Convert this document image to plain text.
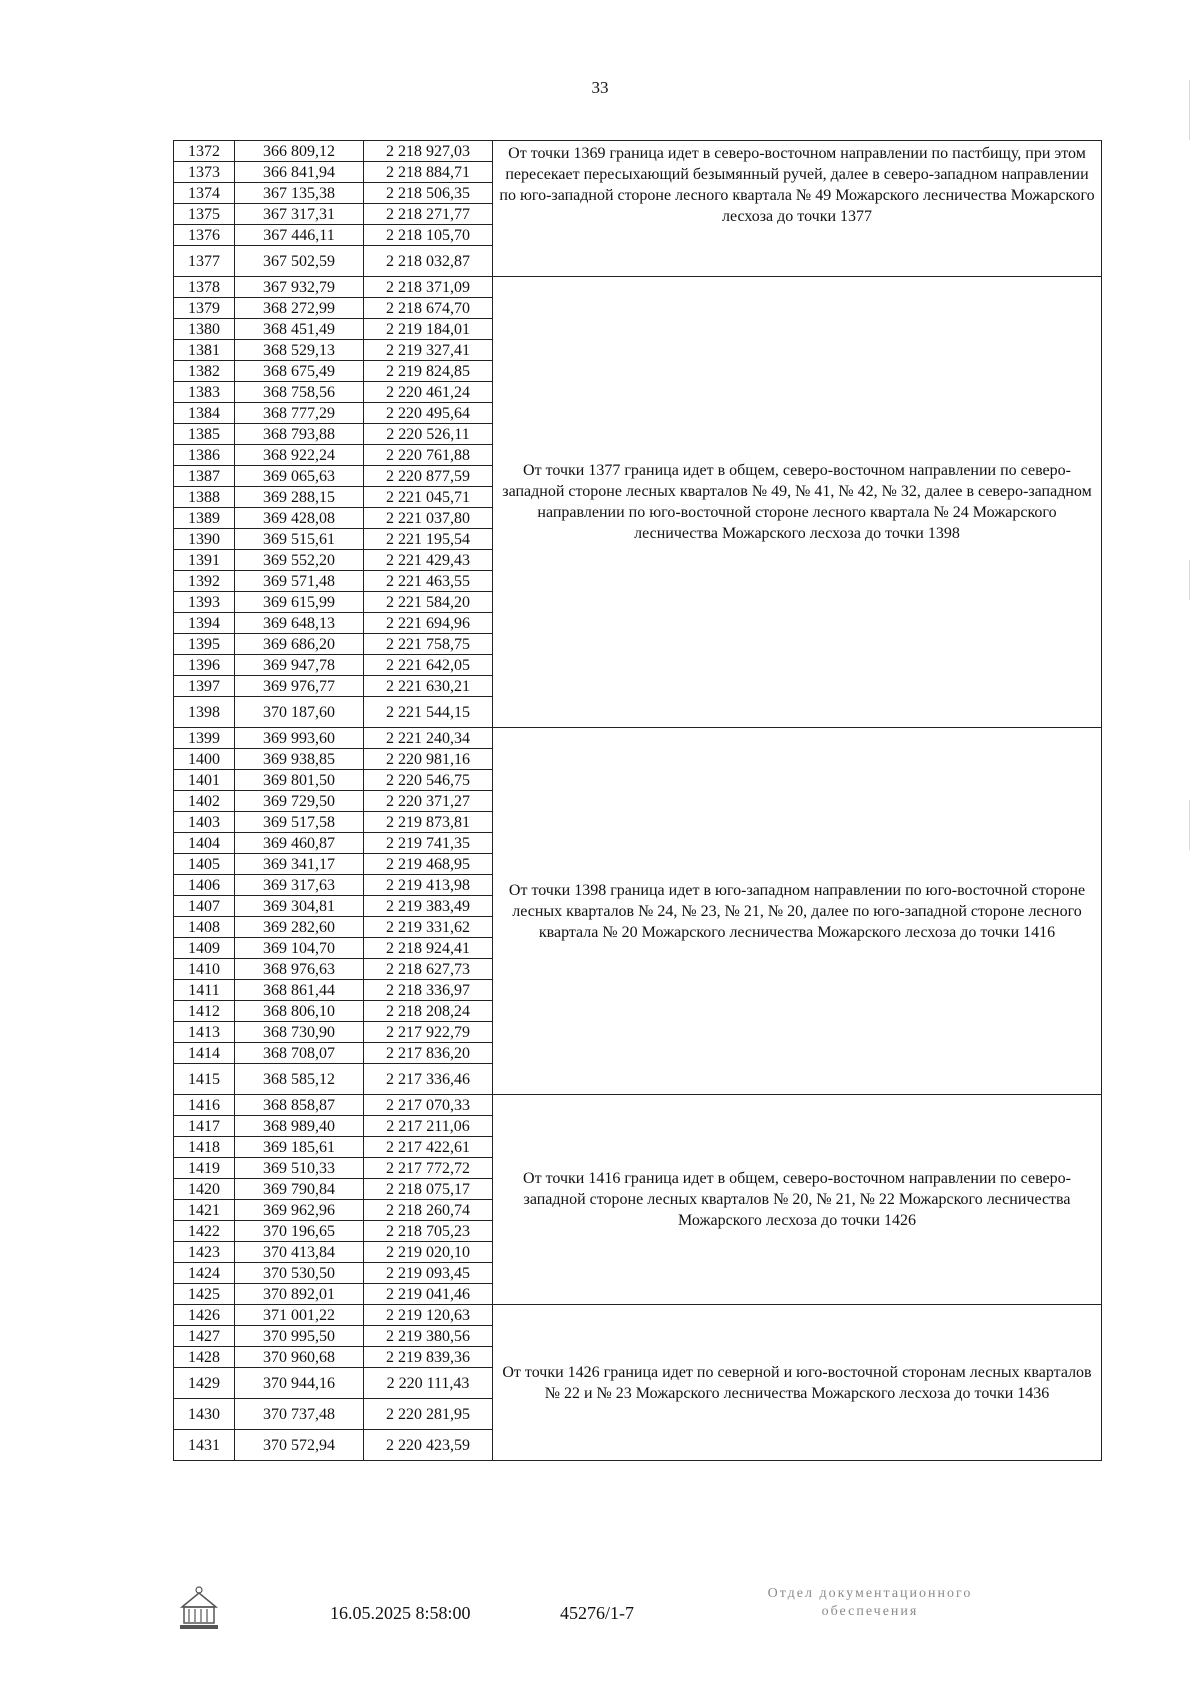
33
1372	366 809,12	2 218 927,03	От точки 1369 граница идет в северо-восточном направлении по пастбищу, при этом пересекает пересыхающий безымянный ручей, далее в северо-западном направлении по юго-западной стороне лесного квартала № 49 Можарского лесничества Можарского лесхоза до точки 1377
1373	366 841,94	2 218 884,71	
1374	367 135,38	2 218 506,35	
1375	367 317,31	2 218 271,77	
1376	367 446,11	2 218 105,70	
1377	367 502,59	2 218 032,87	
1378	367 932,79	2 218 371,09	От точки 1377 граница идет в общем, северо-восточном направлении по северо-западной стороне лесных кварталов № 49, № 41, № 42, № 32, далее в северо-западном направлении по юго-восточной стороне лесного квартала № 24 Можарского лесничества Можарского лесхоза до точки 1398
1379	368 272,99	2 218 674,70	
1380	368 451,49	2 219 184,01	
1381	368 529,13	2 219 327,41	
1382	368 675,49	2 219 824,85	
1383	368 758,56	2 220 461,24	
1384	368 777,29	2 220 495,64	
1385	368 793,88	2 220 526,11	
1386	368 922,24	2 220 761,88	
1387	369 065,63	2 220 877,59	
1388	369 288,15	2 221 045,71	
1389	369 428,08	2 221 037,80	
1390	369 515,61	2 221 195,54	
1391	369 552,20	2 221 429,43	
1392	369 571,48	2 221 463,55	
1393	369 615,99	2 221 584,20	
1394	369 648,13	2 221 694,96	
1395	369 686,20	2 221 758,75	
1396	369 947,78	2 221 642,05	
1397	369 976,77	2 221 630,21	
1398	370 187,60	2 221 544,15	
1399	369 993,60	2 221 240,34	От точки 1398 граница идет в юго-западном направлении по юго-восточной стороне лесных кварталов № 24, № 23, № 21, № 20, далее по юго-западной стороне лесного квартала № 20 Можарского лесничества Можарского лесхоза до точки 1416
1400	369 938,85	2 220 981,16	
1401	369 801,50	2 220 546,75	
1402	369 729,50	2 220 371,27	
1403	369 517,58	2 219 873,81	
1404	369 460,87	2 219 741,35	
1405	369 341,17	2 219 468,95	
1406	369 317,63	2 219 413,98	
1407	369 304,81	2 219 383,49	
1408	369 282,60	2 219 331,62	
1409	369 104,70	2 218 924,41	
1410	368 976,63	2 218 627,73	
1411	368 861,44	2 218 336,97	
1412	368 806,10	2 218 208,24	
1413	368 730,90	2 217 922,79	
1414	368 708,07	2 217 836,20	
1415	368 585,12	2 217 336,46	
1416	368 858,87	2 217 070,33	От точки 1416 граница идет в общем, северо-восточном направлении по северо-западной стороне лесных кварталов № 20, № 21, № 22 Можарского лесничества Можарского лесхоза до точки 1426
1417	368 989,40	2 217 211,06	
1418	369 185,61	2 217 422,61	
1419	369 510,33	2 217 772,72	
1420	369 790,84	2 218 075,17	
1421	369 962,96	2 218 260,74	
1422	370 196,65	2 218 705,23	
1423	370 413,84	2 219 020,10	
1424	370 530,50	2 219 093,45	
1425	370 892,01	2 219 041,46	
1426	371 001,22	2 219 120,63	От точки 1426 граница идет по северной и юго-восточной сторонам лесных кварталов № 22 и № 23 Можарского лесничества Можарского лесхоза до точки 1436
1427	370 995,50	2 219 380,56	
1428	370 960,68	2 219 839,36	
1429	370 944,16	2 220 111,43	
1430	370 737,48	2 220 281,95	
1431	370 572,94	2 220 423,59	
16.05.2025 8:58:00	45276/1-7
Отдел документационного
обеспечения
